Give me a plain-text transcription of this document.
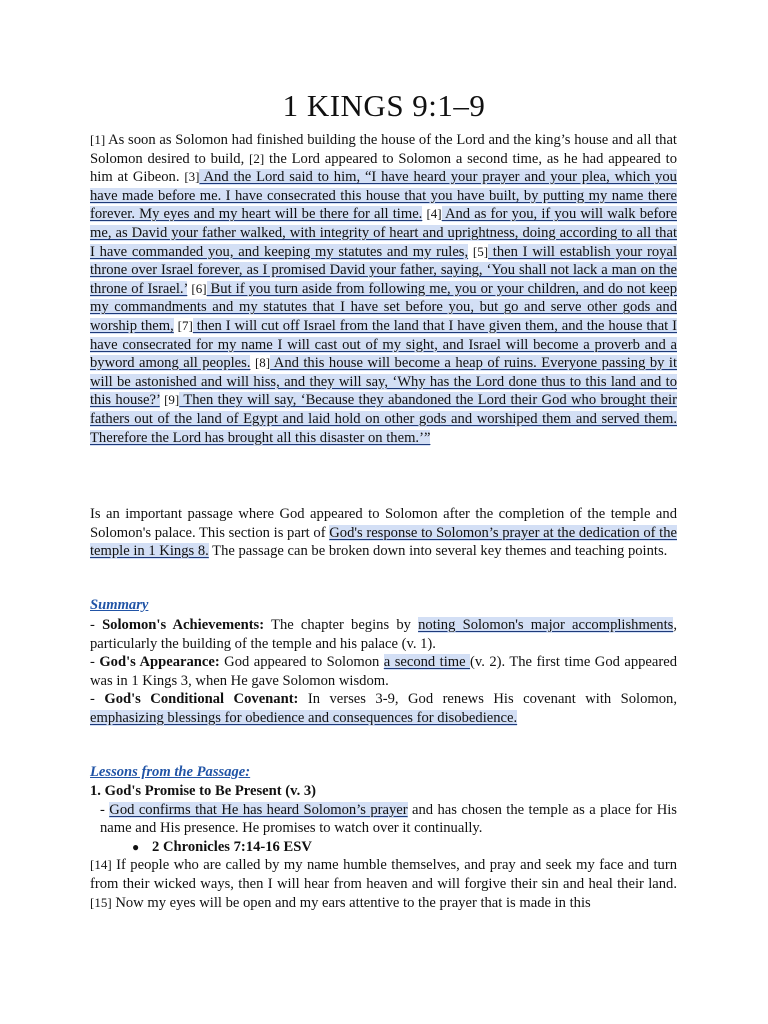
1 KINGS 9:1–9

[1] As soon as Solomon had finished building the house of the Lord and the king’s house and all that Solomon desired to build, [2] the Lord appeared to Solomon a second time, as he had appeared to him at Gibeon. [3] And the Lord said to him, “I have heard your prayer and your plea, which you have made before me. I have consecrated this house that you have built, by putting my name there forever. My eyes and my heart will be there for all time. [4] And as for you, if you will walk before me, as David your father walked, with integrity of heart and uprightness, doing according to all that I have commanded you, and keeping my statutes and my rules, [5] then I will establish your royal throne over Israel forever, as I promised David your father, saying, ‘You shall not lack a man on the throne of Israel.’ [6] But if you turn aside from following me, you or your children, and do not keep my commandments and my statutes that I have set before you, but go and serve other gods and worship them, [7] then I will cut off Israel from the land that I have given them, and the house that I have consecrated for my name I will cast out of my sight, and Israel will become a proverb and a byword among all peoples. [8] And this house will become a heap of ruins. Everyone passing by it will be astonished and will hiss, and they will say, ‘Why has the Lord done thus to this land and to this house?’ [9] Then they will say, ‘Because they abandoned the Lord their God who brought their fathers out of the land of Egypt and laid hold on other gods and worshiped them and served them. Therefore the Lord has brought all this disaster on them.’”

Is an important passage where God appeared to Solomon after the completion of the temple and Solomon's palace. This section is part of God's response to Solomon’s prayer at the dedication of the temple in 1 Kings 8. The passage can be broken down into several key themes and teaching points.

Summary

- Solomon's Achievements: The chapter begins by noting Solomon's major accomplishments, particularly the building of the temple and his palace (v. 1).

- God's Appearance: God appeared to Solomon a second time (v. 2). The first time God appeared was in 1 Kings 3, when He gave Solomon wisdom.

- God's Conditional Covenant: In verses 3-9, God renews His covenant with Solomon, emphasizing blessings for obedience and consequences for disobedience.

Lessons from the Passage:

1. God's Promise to Be Present (v. 3)

- God confirms that He has heard Solomon’s prayer and has chosen the temple as a place for His name and His presence. He promises to watch over it continually.

● 2 Chronicles 7:14-16 ESV

[14] If people who are called by my name humble themselves, and pray and seek my face and turn from their wicked ways, then I will hear from heaven and will forgive their sin and heal their land. [15] Now my eyes will be open and my ears attentive to the prayer that is made in this
